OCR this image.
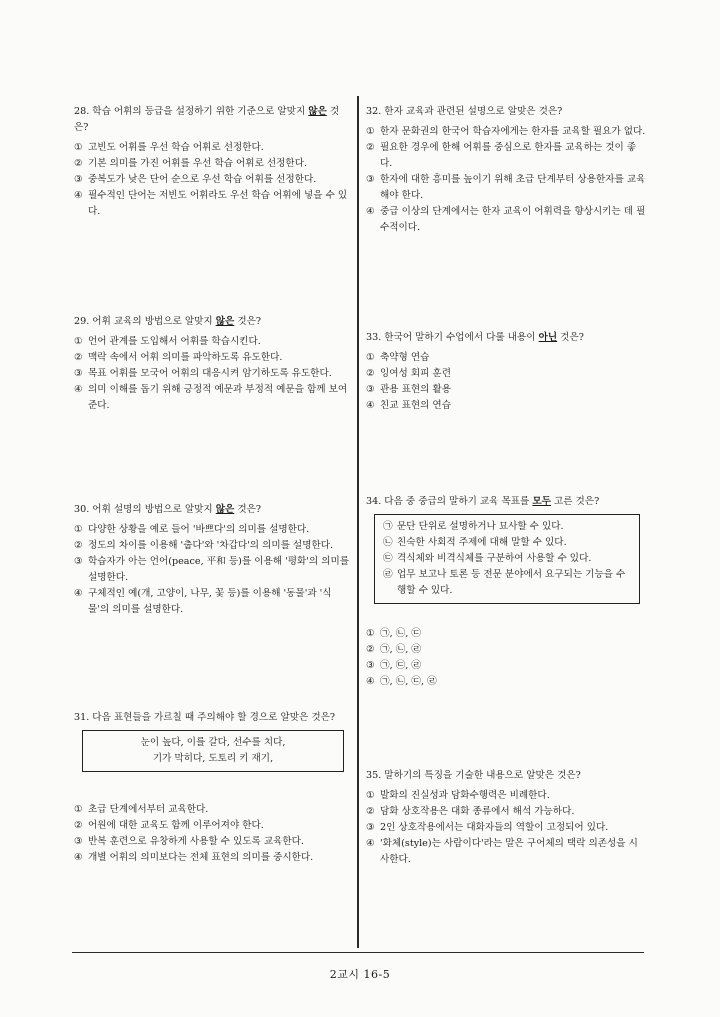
28. 학습 어휘의 등급을 설정하기 위한 기준으로 알맞지 않은 것은?

① 고빈도 어휘를 우선 학습 어휘로 선정한다.
② 기본 의미를 가진 어휘를 우선 학습 어휘로 선정한다.
③ 중복도가 낮은 단어 순으로 우선 학습 어휘를 선정한다.
④ 필수적인 단어는 저빈도 어휘라도 우선 학습 어휘에 넣을 수 있다.

29. 어휘 교육의 방법으로 알맞지 않은 것은?

① 언어 관계를 도입해서 어휘를 학습시킨다.
② 맥락 속에서 어휘 의미를 파악하도록 유도한다.
③ 목표 어휘를 모국어 어휘의 대응시켜 암기하도록 유도한다.
④ 의미 이해를 돕기 위해 긍정적 예문과 부정적 예문을 함께 보여 준다.

30. 어휘 설명의 방법으로 알맞지 않은 것은?

① 다양한 상황을 예로 들어 '바쁘다'의 의미를 설명한다.
② 정도의 차이를 이용해 '춥다'와 '차갑다'의 의미를 설명한다.
③ 학습자가 아는 언어(peace, 平和 등)를 이용해 '평화'의 의미를 설명한다.
④ 구체적인 예(개, 고양이, 나무, 꽃 등)를 이용해 '동물'과 '식물'의 의미를 설명한다.

31. 다음 표현들을 가르칠 때 주의해야 할 경으로 알맞은 것은?

눈이 높다, 이를 갈다, 선수를 치다,
기가 막히다, 도토리 키 재기,
① 초급 단계에서부터 교육한다.
② 어원에 대한 교육도 함께 이루어져야 한다.
③ 반복 훈련으로 유창하게 사용할 수 있도록 교육한다.
④ 개별 어휘의 의미보다는 전체 표현의 의미를 중시한다.

32. 한자 교육과 관련된 설명으로 알맞은 것은?

① 한자 문화권의 한국어 학습자에게는 한자를 교육할 필요가 없다.
② 필요한 경우에 한해 어휘를 중심으로 한자를 교육하는 것이 좋다.
③ 한자에 대한 흥미를 높이기 위해 초급 단계부터 상용한자를 교육해야 한다.
④ 중급 이상의 단계에서는 한자 교육이 어휘력을 향상시키는 데 필수적이다.

33. 한국어 말하기 수업에서 다룰 내용이 아닌 것은?

① 축약형 연습
② 잉여성 회피 훈련
③ 관용 표현의 활용
④ 친교 표현의 연습

34. 다음 중 중급의 말하기 교육 목표를 모두 고른 것은?

㉠ 문단 단위로 설명하거나 묘사할 수 있다.
㉡ 친숙한 사회적 주제에 대해 말할 수 있다.
㉢ 격식체와 비격식체를 구분하여 사용할 수 있다.
㉣ 업무 보고나 토론 등 전문 분야에서 요구되는 기능을 수행할 수 있다.
① ㉠, ㉡, ㉢
② ㉠, ㉡, ㉣
③ ㉠, ㉢, ㉣
④ ㉠, ㉡, ㉢, ㉣

35. 말하기의 특징을 기술한 내용으로 알맞은 것은?

① 발화의 진실성과 담화수행력은 비례한다.
② 담화 상호작용은 대화 종류에서 해석 가능하다.
③ 2인 상호작용에서는 대화자들의 역할이 고정되어 있다.
④ '화체(style)는 사람이다'라는 말은 구어체의 택락 의존성을 시사한다.
2교시 16-5
